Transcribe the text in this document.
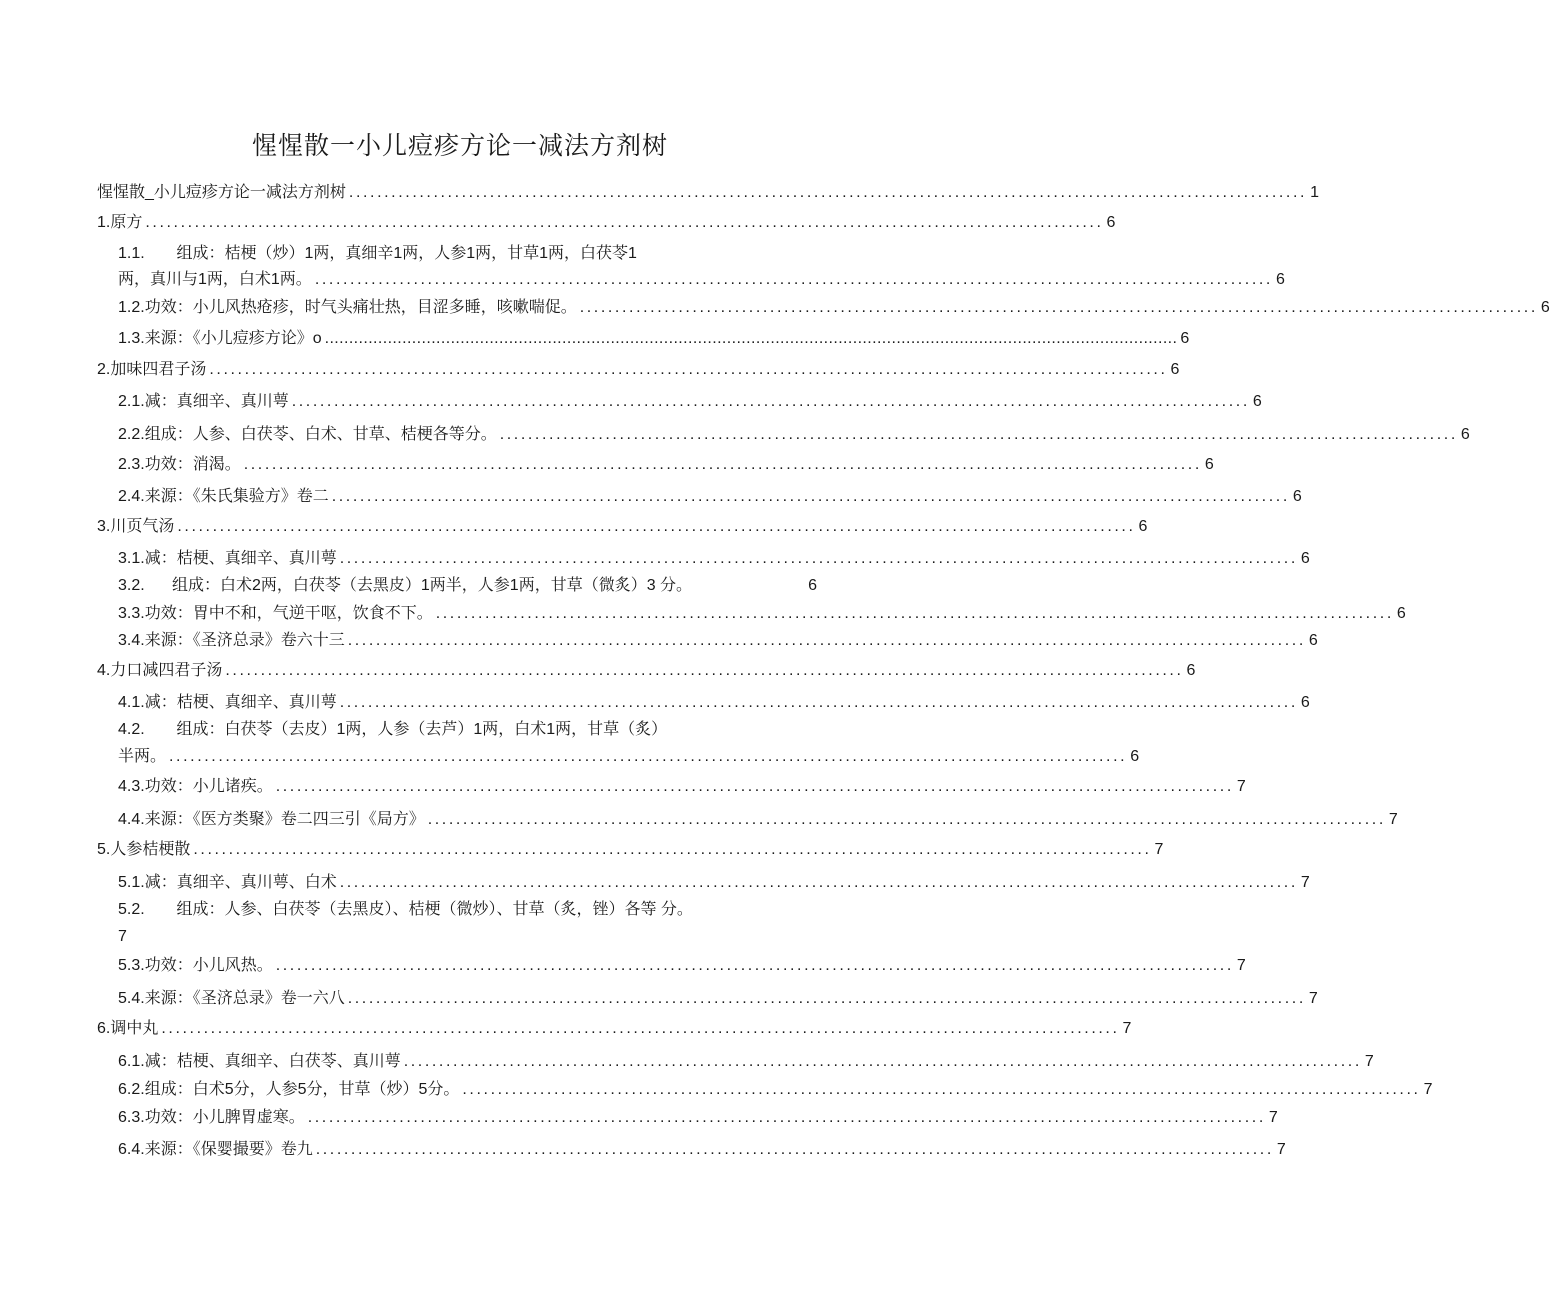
惺惺散一小儿痘疹方论一减法方剂树
惺惺散_小儿痘疹方论一减法方剂树 ........................................................................................................................................ 1
1. 原方 ........................................................................................................................................ 6
1.1. 组成：桔梗（炒）1两，真细辛1两，人参1两，甘草1两，白茯苓1
两，真川与1两，白术1两。 ........................................................................................................................................ 6
1.2. 功效：小儿风热疮疹，时气头痛壮热，目涩多睡，咳嗽喘促。 ........................................................................................................................................ 6
1.3. 来源：《小儿痘疹方论》o ................................................................................................................................................................................ 6
2. 加味四君子汤 ........................................................................................................................................ 6
2.1. 减：真细辛、真川萼 ........................................................................................................................................ 6
2.2. 组成：人参、白茯苓、白术、甘草、桔梗各等分。 ........................................................................................................................................ 6
2.3. 功效：消渴。 ........................................................................................................................................ 6
2.4. 来源：《朱氏集验方》卷二 ........................................................................................................................................ 6
3. 川页气汤 ........................................................................................................................................ 6
3.1. 减：桔梗、真细辛、真川萼 ........................................................................................................................................ 6
3.2.	组成：白术2两，白茯苓（去黑皮）1两半，人参1两，甘草（微炙）3 分。	6
3.3. 功效：胃中不和，气逆干呕，饮食不下。 ........................................................................................................................................ 6
3.4. 来源：《圣济总录》卷六十三 ........................................................................................................................................ 6
4. 力口减四君子汤 ........................................................................................................................................ 6
4.1. 减：桔梗、真细辛、真川萼 ........................................................................................................................................ 6
4.2. 组成：白茯苓（去皮）1两，人参（去芦）1两，白术1两，甘草（炙）
半两。 ........................................................................................................................................ 6
4.3. 功效：小儿诸疾。 ........................................................................................................................................ 7
4.4. 来源：《医方类聚》卷二四三引《局方》 ........................................................................................................................................ 7
5. 人参桔梗散 ........................................................................................................................................ 7
5.1. 减：真细辛、真川萼、白术 ........................................................................................................................................ 7
5.2. 组成：人参、白茯苓（去黑皮）、桔梗（微炒）、甘草（炙，锉）各等 分。
7
5.3. 功效：小儿风热。 ........................................................................................................................................ 7
5.4. 来源：《圣济总录》卷一六八 ........................................................................................................................................ 7
6. 调中丸 ........................................................................................................................................ 7
6.1. 减：桔梗、真细辛、白茯苓、真川萼 ........................................................................................................................................ 7
6.2. 组成：白术5分，人参5分，甘草（炒）5分。 ........................................................................................................................................ 7
6.3. 功效：小儿脾胃虚寒。 ........................................................................................................................................ 7
6.4. 来源：《保婴撮要》卷九 ........................................................................................................................................ 7
